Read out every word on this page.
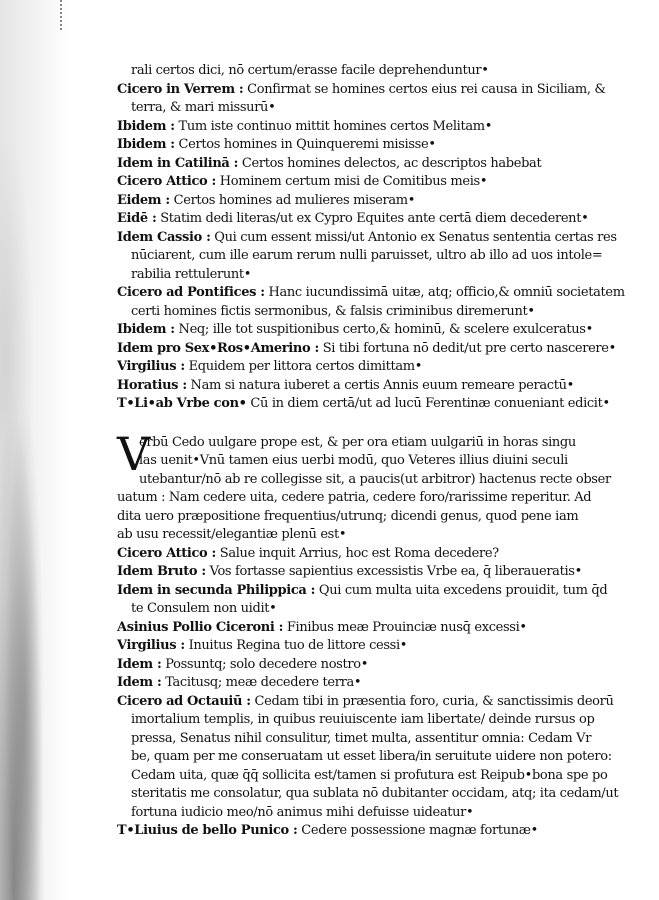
rali certos dici, nō certum/erasse facile deprehenduntur•
Cicero in Verrem : Confirmat se homines certos eius rei causa in Siciliam, &
terra, & mari missurū•
Ibidem : Tum iste continuo mittit homines certos Melitam•
Ibidem : Certos homines in Quinqueremi misisse•
Idem in Catilinā : Certos homines delectos, ac descriptos habebat
Cicero Attico : Hominem certum misi de Comitibus meis•
Eidem : Certos homines ad mulieres miseram•
Eidē : Statim dedi literas/ut ex Cypro Equites ante certā diem decederent•
Idem Cassio : Qui cum essent missi/ut Antonio ex Senatus sententia certas res
nūciarent, cum ille earum rerum nulli paruisset, ultro ab illo ad uos intole=
rabilia rettulerunt•
Cicero ad Pontifices : Hanc iucundissimā uitæ, atq; officio,& omniū societatem
certi homines fictis sermonibus, & falsis criminibus diremerunt•
Ibidem : Neq; ille tot suspitionibus certo,& hominū, & scelere exulceratus•
Idem pro Sex•Ros•Amerino : Si tibi fortuna nō dedit/ut pre certo nascerere•
Virgilius : Equidem per littora certos dimittam•
Horatius : Nam si natura iuberet a certis Annis euum remeare peractū•
T•Li•ab Vrbe con• Cū in diem certā/ut ad lucū Ferentinæ conueniant edicit•
V
erbū Cedo uulgare prope est, & per ora etiam uulgariū in horas singu
las uenit•Vnū tamen eius uerbi modū, quo Veteres illius diuini seculi
utebantur/nō ab re collegisse sit, a paucis(ut arbitror) hactenus recte obser
uatum : Nam cedere uita, cedere patria, cedere foro/rarissime reperitur. Ad
dita uero præpositione frequentius/utrunq; dicendi genus, quod pene iam
ab usu recessit/elegantiæ plenū est•
Cicero Attico : Salue inquit Arrius, hoc est Roma decedere?
Idem Bruto : Vos fortasse sapientius excessistis Vrbe ea, q̄ liberaueratis•
Idem in secunda Philippica : Qui cum multa uita excedens prouidit, tum q̄d
te Consulem non uidit•
Asinius Pollio Ciceroni : Finibus meæ Prouinciæ nusq̄ excessi•
Virgilius : Inuitus Regina tuo de littore cessi•
Idem : Possuntq; solo decedere nostro•
Idem : Tacitusq; meæ decedere terra•
Cicero ad Octauiū : Cedam tibi in præsentia foro, curia, & sanctissimis deorū
imortalium templis, in quibus reuiuiscente iam libertate/ deinde rursus op
pressa, Senatus nihil consulitur, timet multa, assentitur omnia: Cedam Vr
be, quam per me conseruatam ut esset libera/in seruitute uidere non potero:
Cedam uita, quæ q̄q̄ sollicita est/tamen si profutura est Reipub•bona spe po
steritatis me consolatur, qua sublata nō dubitanter occidam, atq; ita cedam/ut
fortuna iudicio meo/nō animus mihi defuisse uideatur•
T•Liuius de bello Punico : Cedere possessione magnæ fortunæ•
